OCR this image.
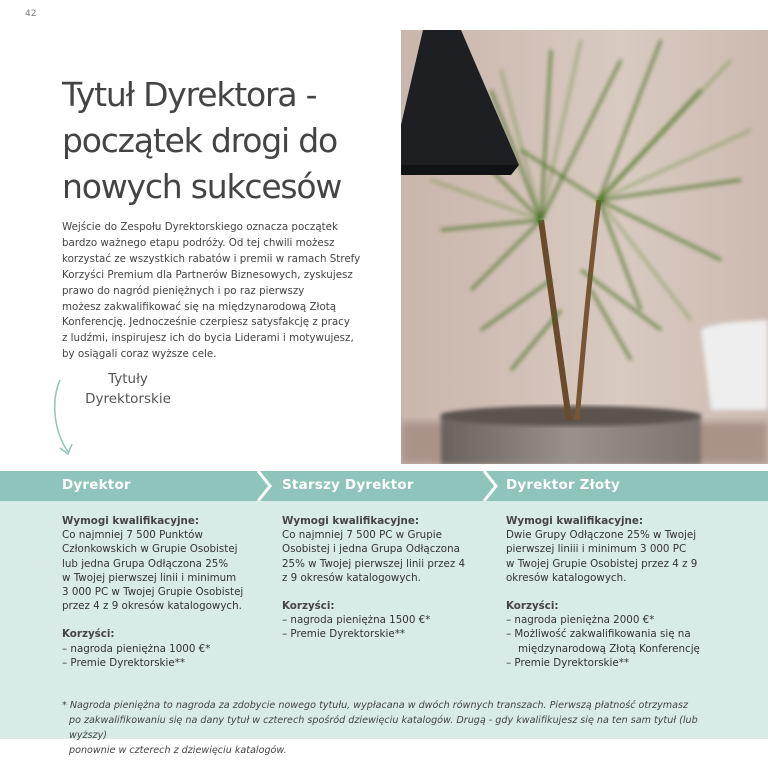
42
Tytuł Dyrektora -
początek drogi do
nowych sukcesów
Wejście do Zespołu Dyrektorskiego oznacza początek
bardzo ważnego etapu podróży. Od tej chwili możesz
korzystać ze wszystkich rabatów i premii w ramach Strefy
Korzyści Premium dla Partnerów Biznesowych, zyskujesz
prawo do nagród pieniężnych i po raz pierwszy
możesz zakwalifikować się na międzynarodową Złotą
Konferencję. Jednocześnie czerpiesz satysfakcję z pracy
z ludźmi, inspirujesz ich do bycia Liderami i motywujesz,
by osiągali coraz wyższe cele.
Tytuły
Dyrektorskie
Dyrektor	Starszy Dyrektor	Dyrektor Złoty
Wymogi kwalifikacyjne:
Co najmniej 7 500 Punktów
Członkowskich w Grupie Osobistej
lub jedna Grupa Odłączona 25%
w Twojej pierwszej linii i minimum
3 000 PC w Twojej Grupie Osobistej
przez 4 z 9 okresów katalogowych.
Korzyści:
– nagroda pieniężna 1000 €*
– Premie Dyrektorskie**
Wymogi kwalifikacyjne:
Co najmniej 7 500 PC w Grupie
Osobistej i jedna Grupa Odłączona
25% w Twojej pierwszej linii przez 4
z 9 okresów katalogowych.
Korzyści:
– nagroda pieniężna 1500 €*
– Premie Dyrektorskie**
Wymogi kwalifikacyjne:
Dwie Grupy Odłączone 25% w Twojej
pierwszej liniii i minimum 3 000 PC
w Twojej Grupie Osobistej przez 4 z 9
okresów katalogowych.
Korzyści:
– nagroda pieniężna 2000 €*
– Możliwość zakwalifikowania się na międzynarodową Złotą Konferencję
– Premie Dyrektorskie**
* Nagroda pieniężna to nagroda za zdobycie nowego tytułu, wypłacana w dwóch równych transzach. Pierwszą płatność otrzymasz
po zakwalifikowaniu się na dany tytuł w czterech spośród dziewięciu katalogów. Drugą - gdy kwalifikujesz się na ten sam tytuł (lub wyższy)
ponownie w czterech z dziewięciu katalogów.
